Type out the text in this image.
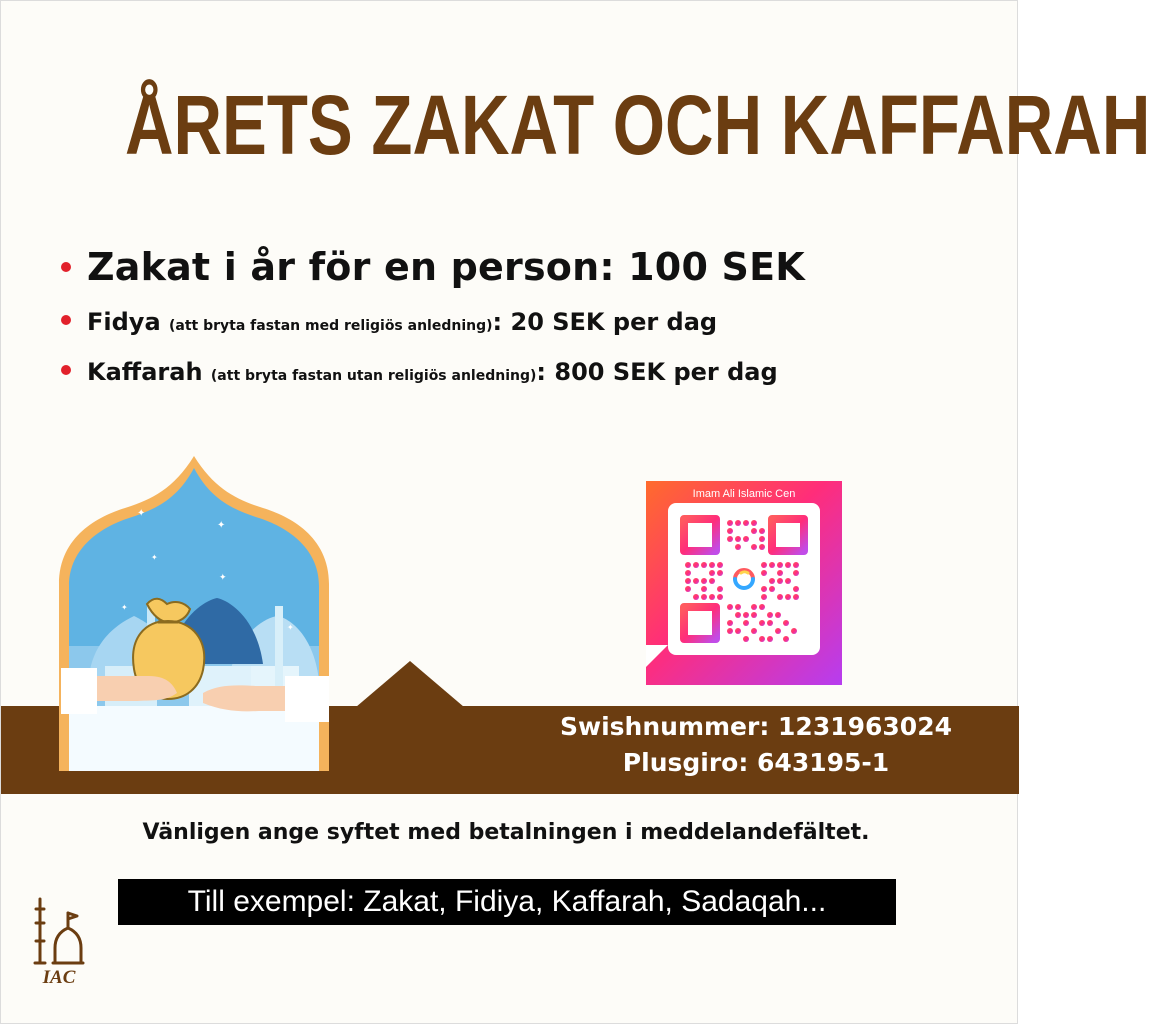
ÅRETS ZAKAT OCH KAFFARAH
Zakat i år för en person: 100 SEK
Fidya (att bryta fastan med religiös anledning): 20 SEK per dag
Kaffarah (att bryta fastan utan religiös anledning): 800 SEK per dag
✦
✦
✦
✦
✦
✦
Imam Ali Islamic Cen
Swishnummer: 1231963024
Plusgiro: 643195-1
Vänligen ange syftet med betalningen i meddelandefältet.
Till exempel: Zakat, Fidiya, Kaffarah, Sadaqah...
IAC
